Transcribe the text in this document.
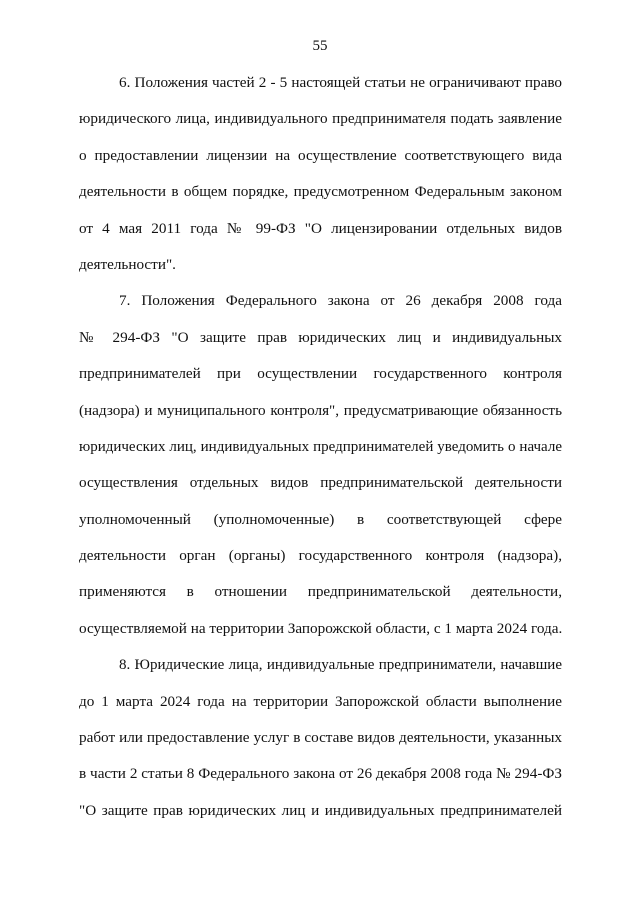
55
6. Положения частей 2 - 5 настоящей статьи не ограничивают право
юридического лица, индивидуального предпринимателя подать заявление
о предоставлении лицензии на осуществление соответствующего вида
деятельности в общем порядке, предусмотренном Федеральным законом
от 4 мая 2011 года № 99-ФЗ "О лицензировании отдельных видов
деятельности".
7. Положения Федерального закона от 26 декабря 2008 года
№ 294-ФЗ "О защите прав юридических лиц и индивидуальных
предпринимателей при осуществлении государственного контроля
(надзора) и муниципального контроля", предусматривающие обязанность
юридических лиц, индивидуальных предпринимателей уведомить о начале
осуществления отдельных видов предпринимательской деятельности
уполномоченный (уполномоченные) в соответствующей сфере
деятельности орган (органы) государственного контроля (надзора),
применяются в отношении предпринимательской деятельности,
осуществляемой на территории Запорожской области, с 1 марта 2024 года.
8. Юридические лица, индивидуальные предприниматели, начавшие
до 1 марта 2024 года на территории Запорожской области выполнение
работ или предоставление услуг в составе видов деятельности, указанных
в части 2 статьи 8 Федерального закона от 26 декабря 2008 года № 294-ФЗ
"О защите прав юридических лиц и индивидуальных предпринимателей
